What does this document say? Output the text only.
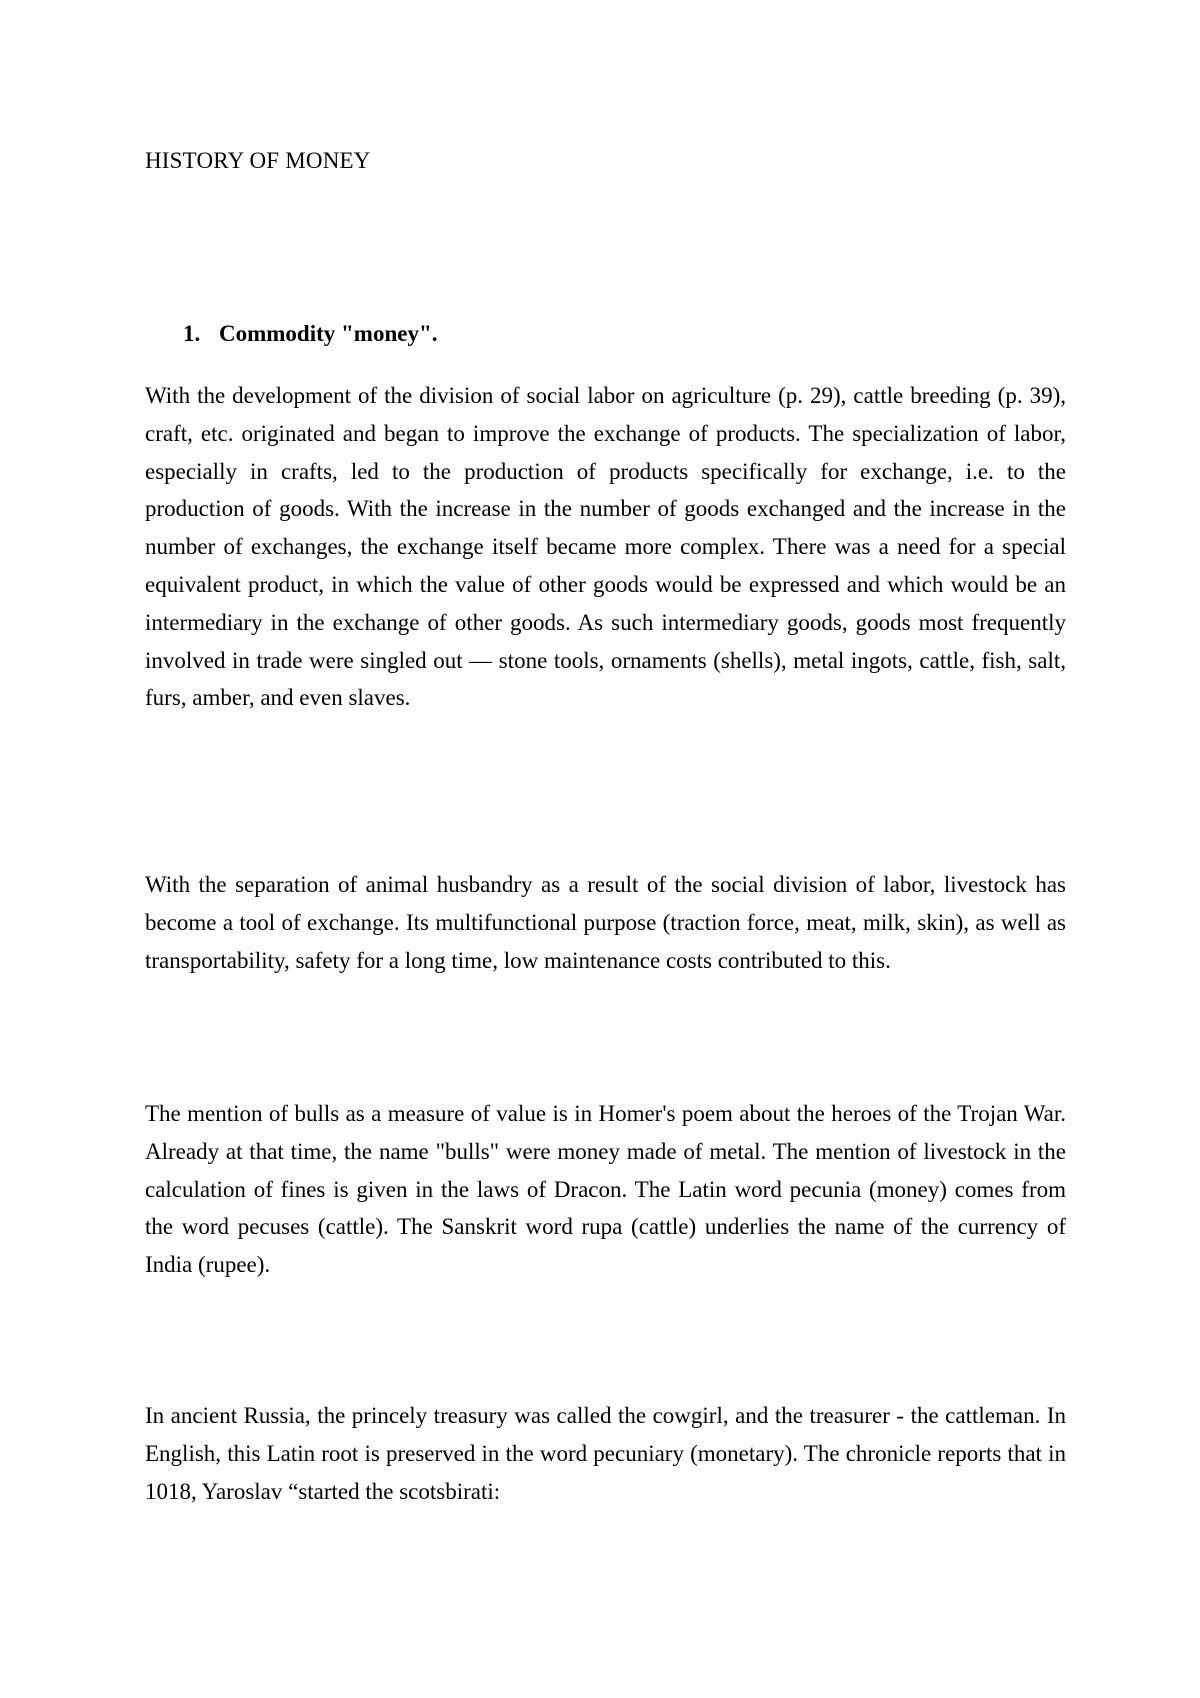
HISTORY OF MONEY
1. Commodity "money".

With the development of the division of social labor on agriculture (p. 29), cattle breeding (p. 39), craft, etc. originated and began to improve the exchange of products. The specialization of labor, especially in crafts, led to the production of products specifically for exchange, i.e. to the production of goods. With the increase in the number of goods exchanged and the increase in the number of exchanges, the exchange itself became more complex. There was a need for a special equivalent product, in which the value of other goods would be expressed and which would be an intermediary in the exchange of other goods. As such intermediary goods, goods most frequently involved in trade were singled out — stone tools, ornaments (shells), metal ingots, cattle, fish, salt, furs, amber, and even slaves.

With the separation of animal husbandry as a result of the social division of labor, livestock has become a tool of exchange. Its multifunctional purpose (traction force, meat, milk, skin), as well as transportability, safety for a long time, low maintenance costs contributed to this.

The mention of bulls as a measure of value is in Homer's poem about the heroes of the Trojan War. Already at that time, the name "bulls" were money made of metal. The mention of livestock in the calculation of fines is given in the laws of Dracon. The Latin word pecunia (money) comes from the word pecuses (cattle). The Sanskrit word rupa (cattle) underlies the name of the currency of India (rupee).

In ancient Russia, the princely treasury was called the cowgirl, and the treasurer - the cattleman. In English, this Latin root is preserved in the word pecuniary (monetary). The chronicle reports that in 1018, Yaroslav “started the scotsbirati:
